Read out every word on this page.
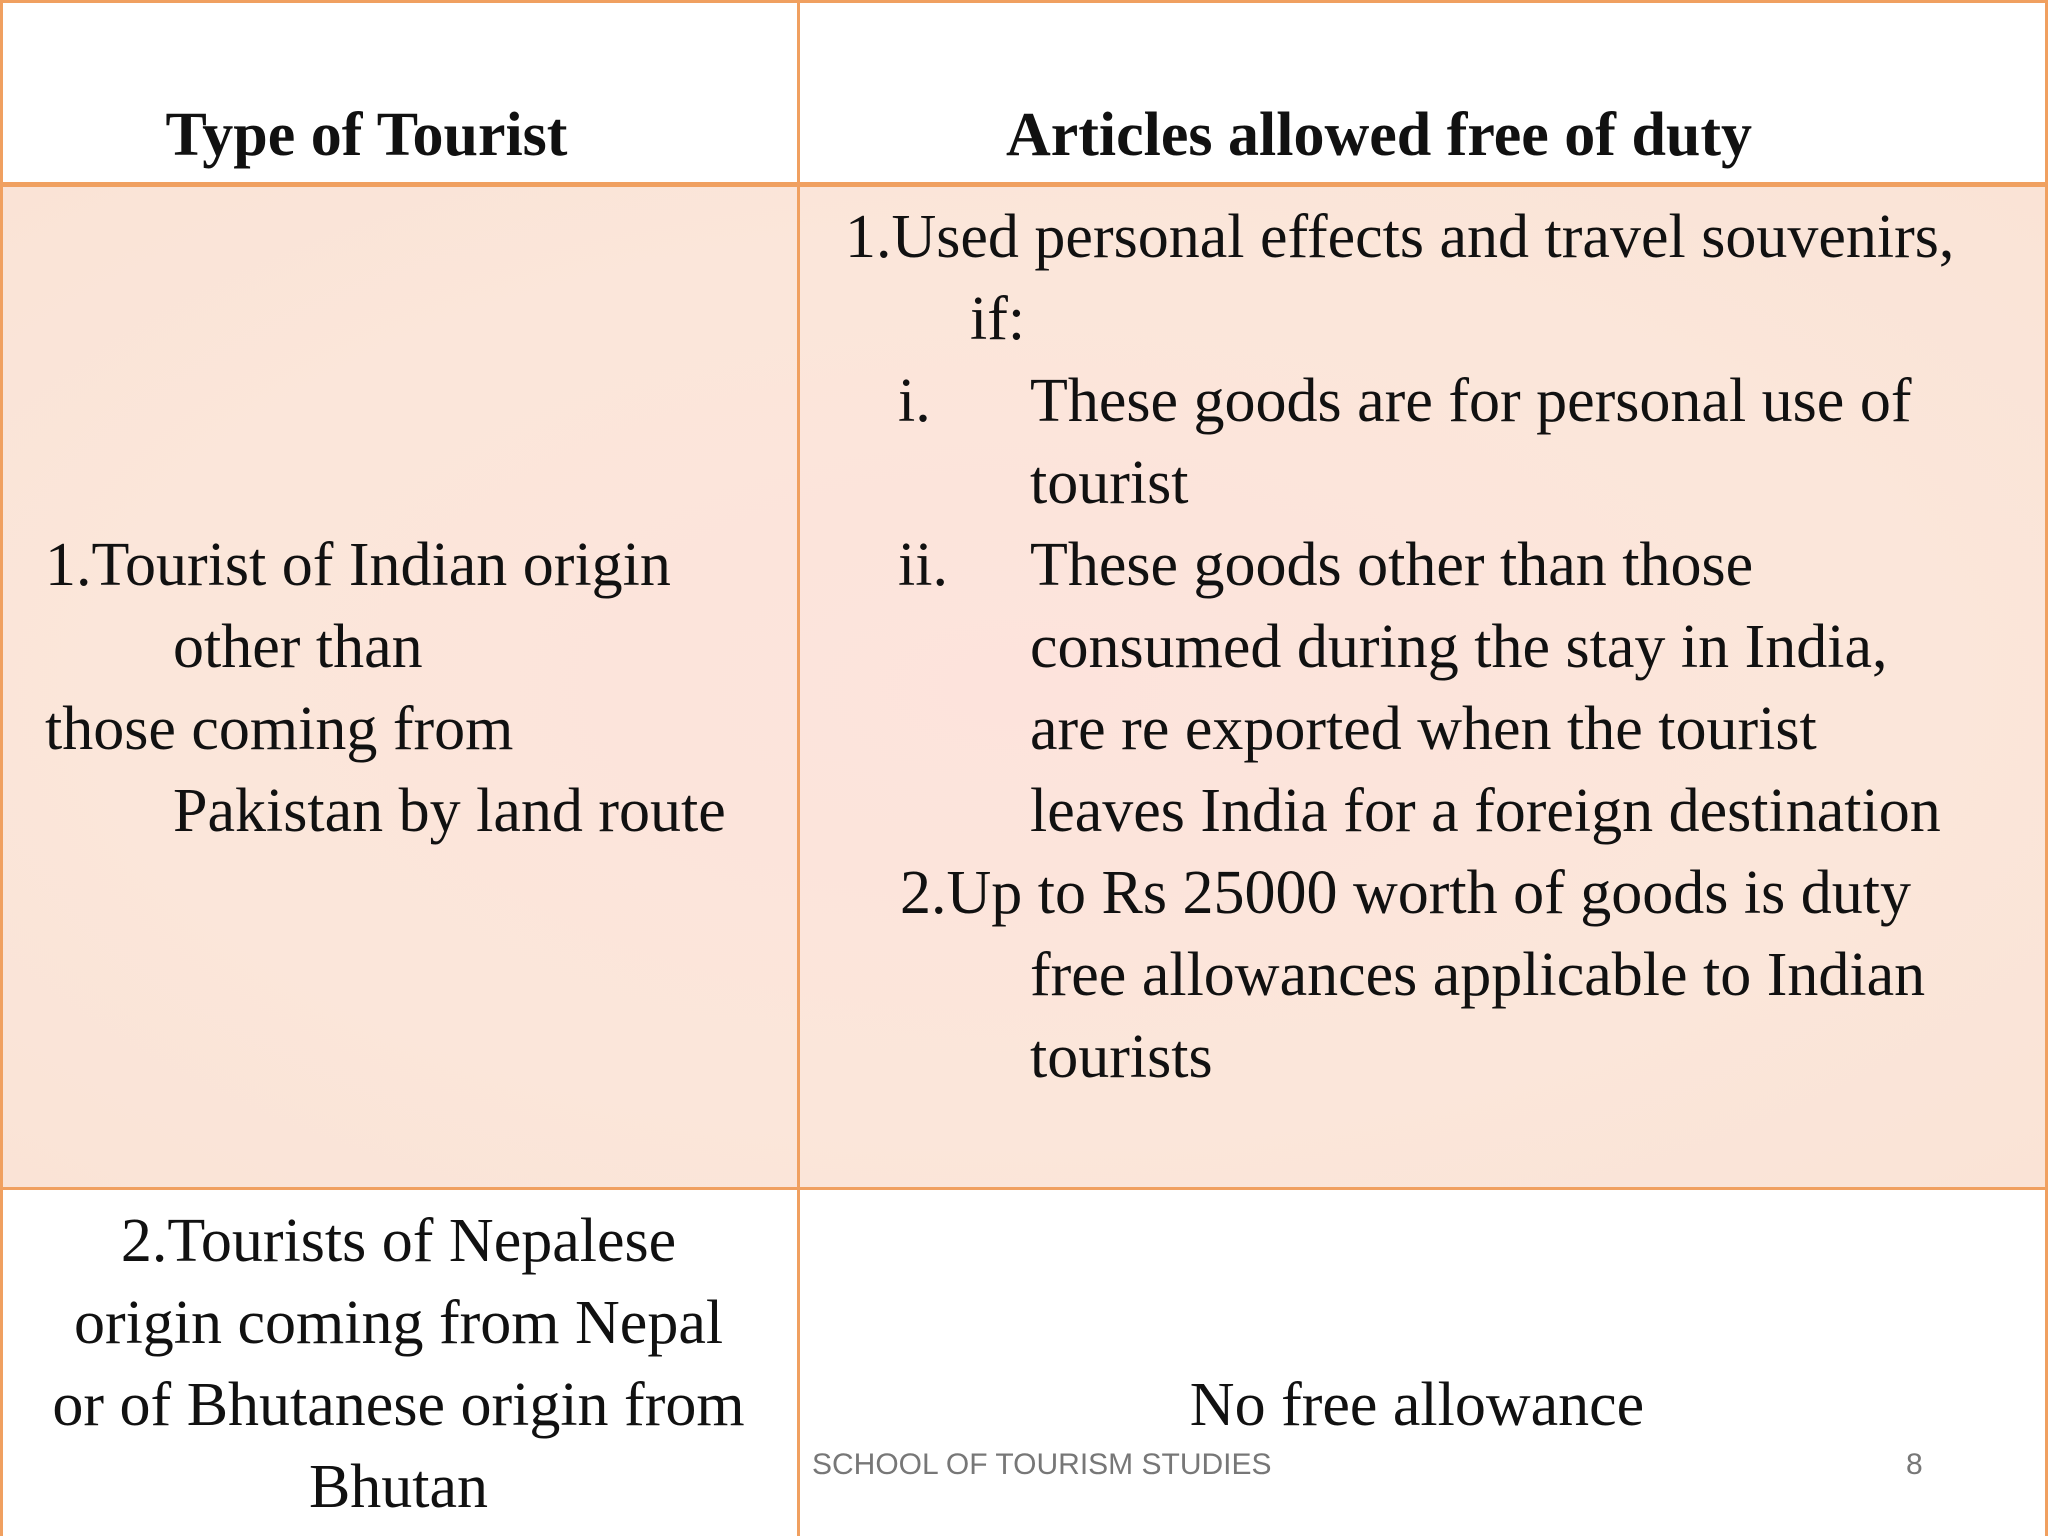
Type of Tourist	Articles allowed free of duty
1.Tourist of Indian origin
other than
those coming from
Pakistan by land route
1.Used personal effects and travel souvenirs,
if:
i. These goods are for personal use of
tourist
ii. These goods other than those
consumed during the stay in India,
are re exported when the tourist
leaves India for a foreign destination
2.Up to Rs 25000 worth of goods is duty
free allowances applicable to Indian
tourists
2.Tourists of Nepalese
origin coming from Nepal
or of Bhutanese origin from
Bhutan
No free allowance
SCHOOL OF TOURISM STUDIES	8
